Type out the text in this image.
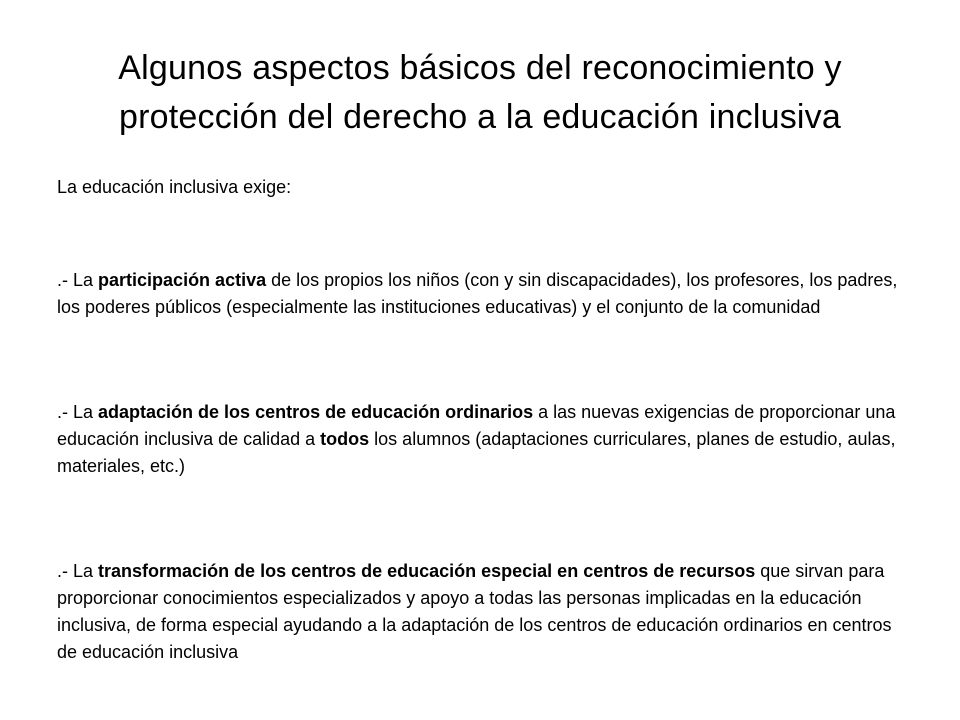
Algunos aspectos básicos del reconocimiento y
protección del derecho a la educación inclusiva

La educación inclusiva exige:

.- La participación activa de los propios los niños (con y sin discapacidades), los profesores, los padres, los poderes públicos (especialmente las instituciones educativas) y el conjunto de la comunidad

.- La adaptación de los centros de educación ordinarios a las nuevas exigencias de proporcionar una educación inclusiva de calidad a todos los alumnos (adaptaciones curriculares, planes de estudio, aulas, materiales, etc.)

.- La transformación de los centros de educación especial en centros de recursos que sirvan para proporcionar conocimientos especializados y apoyo a todas las personas implicadas en la educación inclusiva, de forma especial ayudando a la adaptación de los centros de educación ordinarios en centros de educación inclusiva
